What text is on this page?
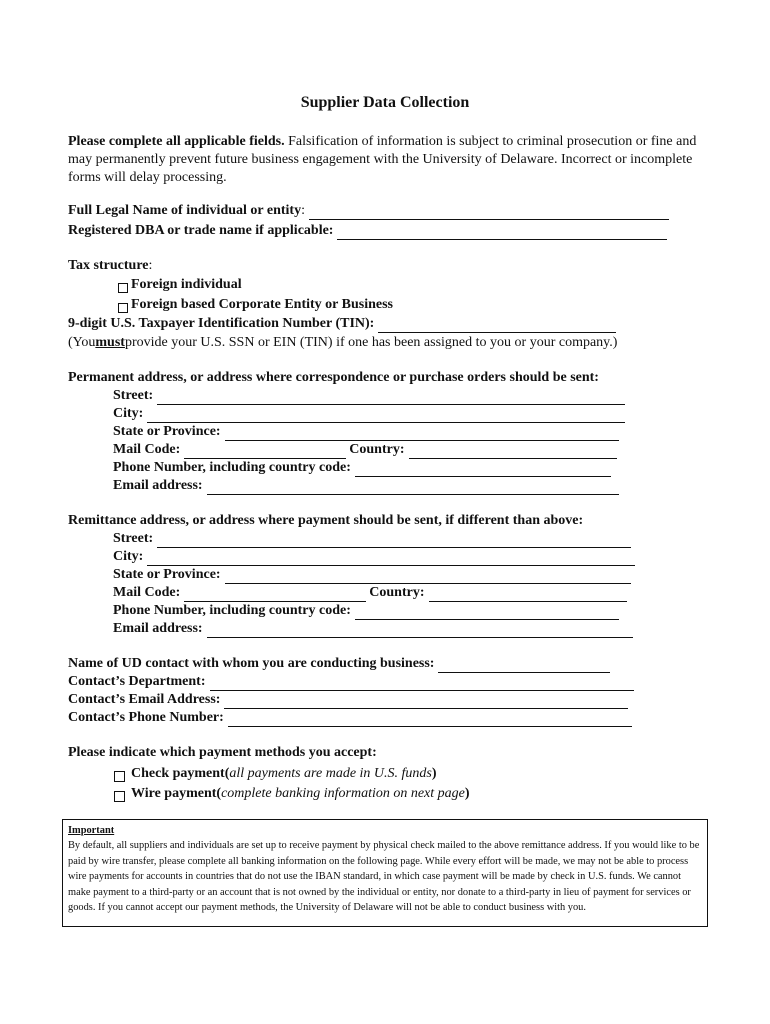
Supplier Data Collection
Please complete all applicable fields. Falsification of information is subject to criminal prosecution or fine and may permanently prevent future business engagement with the University of Delaware. Incorrect or incomplete forms will delay processing.
Full Legal Name of individual or entity :
Registered DBA or trade name if applicable:
Tax structure :
Foreign individual
Foreign based Corporate Entity or Business
9-digit U.S. Taxpayer Identification Number (TIN):
(You must provide your U.S. SSN or EIN (TIN) if one has been assigned to you or your company.)
Permanent address, or address where correspondence or purchase orders should be sent:
Street:
City:
State or Province:
Mail Code:	Country:
Phone Number, including country code:
Email address:
Remittance address, or address where payment should be sent, if different than above:
Street:
City:
State or Province:
Mail Code:	Country:
Phone Number, including country code:
Email address:
Name of UD contact with whom you are conducting business:
Contact’s Department:
Contact’s Email Address:
Contact’s Phone Number:
Please indicate which payment methods you accept:
Check payment ( all payments are made in U.S. funds )
Wire payment ( complete banking information on next page )
Important
By default, all suppliers and individuals are set up to receive payment by physical check mailed to the above remittance address. If you would like to be paid by wire transfer, please complete all banking information on the following page. While every effort will be made, we may not be able to process wire payments for accounts in countries that do not use the IBAN standard, in which case payment will be made by check in U.S. funds. We cannot make payment to a third-party or an account that is not owned by the individual or entity, nor donate to a third-party in lieu of payment for services or goods. If you cannot accept our payment methods, the University of Delaware will not be able to conduct business with you.
